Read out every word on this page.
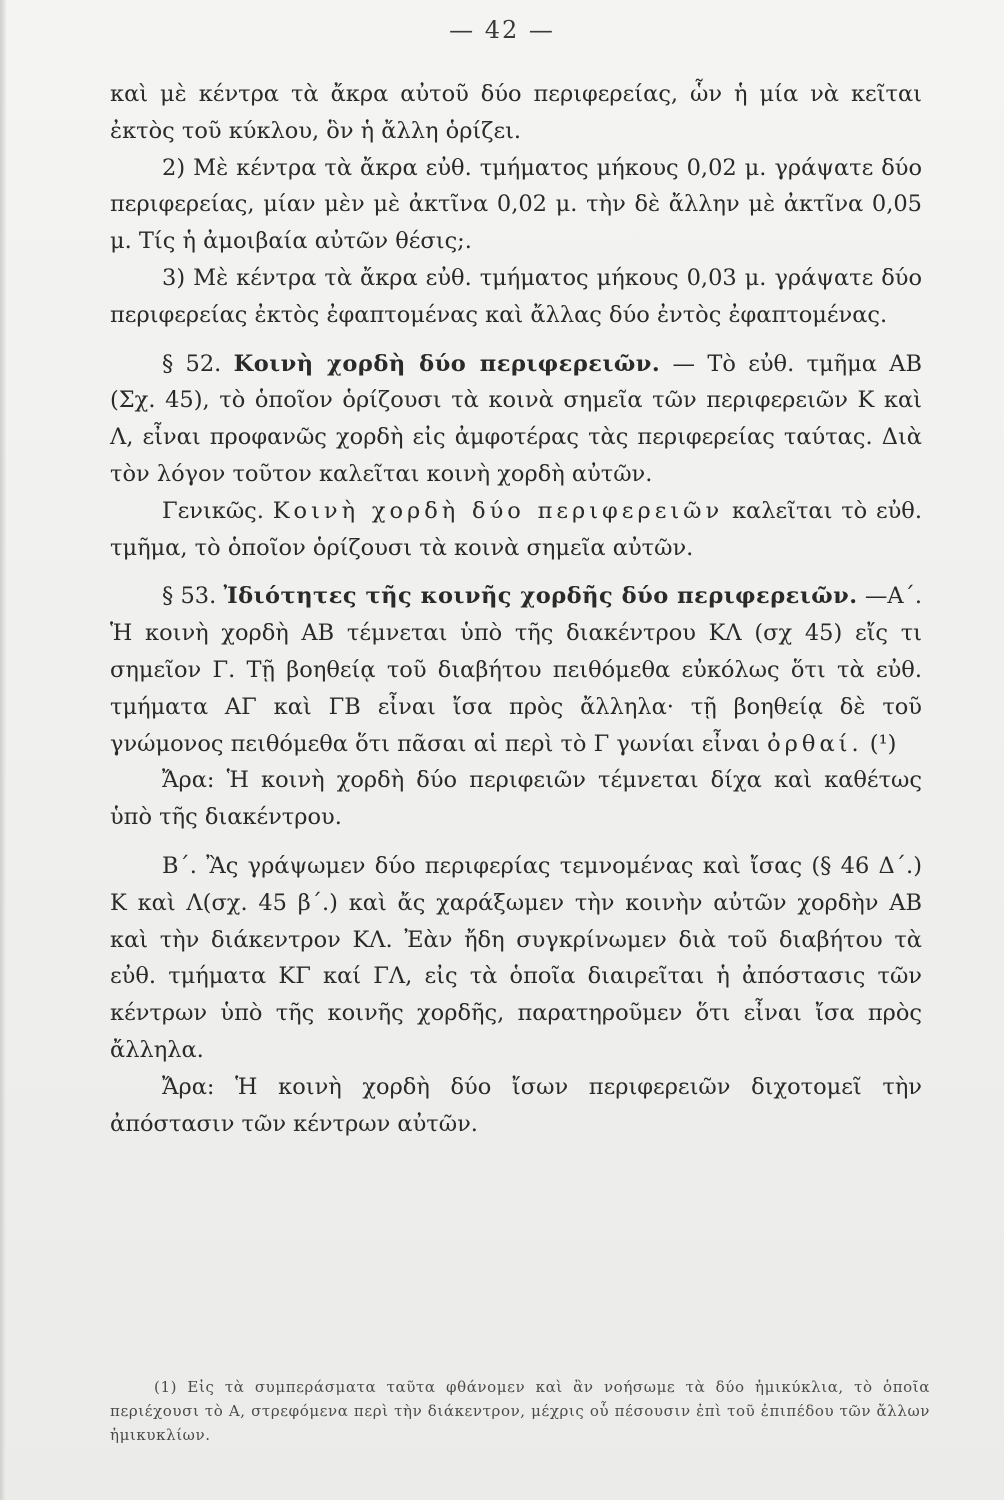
— 42 —

καὶ μὲ κέντρα τὰ ἄκρα αὐτοῦ δύο περιφερείας, ὧν ἡ μία νὰ κεῖται ἐκτὸς τοῦ κύκλου, ὃν ἡ ἄλλη ὁρίζει.

2) Μὲ κέντρα τὰ ἄκρα εὐθ. τμήματος μήκους 0,02 μ. γράψατε δύο περιφερείας, μίαν μὲν μὲ ἀκτῖνα 0,02 μ. τὴν δὲ ἄλλην μὲ ἀκτῖνα 0,05 μ. Τίς ἡ ἀμοιβαία αὐτῶν θέσις;.

3) Μὲ κέντρα τὰ ἄκρα εὐθ. τμήματος μήκους 0,03 μ. γράψατε δύο περιφερείας ἐκτὸς ἐφαπτομένας καὶ ἄλλας δύο ἐντὸς ἐφαπτομένας.

§ 52. Κοινὴ χορδὴ δύο περιφερειῶν. — Τὸ εὐθ. τμῆμα ΑΒ (Σχ. 45), τὸ ὁποῖον ὁρίζουσι τὰ κοινὰ σημεῖα τῶν περιφερειῶν Κ καὶ Λ, εἶναι προφανῶς χορδὴ εἰς ἀμφοτέρας τὰς περιφερείας ταύτας. Διὰ τὸν λόγον τοῦτον καλεῖται κοινὴ χορδὴ αὐτῶν.

Γενικῶς. Κοινὴ χορδὴ δύο περιφερειῶν καλεῖται τὸ εὐθ. τμῆμα, τὸ ὁποῖον ὁρίζουσι τὰ κοινὰ σημεῖα αὐτῶν.

§ 53. Ἰδιότητες τῆς κοινῆς χορδῆς δύο περιφερειῶν. —Α΄. Ἡ κοινὴ χορδὴ ΑΒ τέμνεται ὑπὸ τῆς διακέντρου ΚΛ (σχ 45) εἴς τι σημεῖον Γ. Τῇ βοηθείᾳ τοῦ διαβήτου πειθόμεθα εὐκόλως ὅτι τὰ εὐθ. τμήματα ΑΓ καὶ ΓΒ εἶναι ἴσα πρὸς ἄλληλα· τῇ βοηθείᾳ δὲ τοῦ γνώμονος πειθόμεθα ὅτι πᾶσαι αἱ περὶ τὸ Γ γωνίαι εἶναι ὀρθαί. (¹)

Ἄρα: Ἡ κοινὴ χορδὴ δύο περιφειῶν τέμνεται δίχα καὶ καθέτως ὑπὸ τῆς διακέντρου.

Β΄. Ἂς γράψωμεν δύο περιφερίας τεμνομένας καὶ ἴσας (§ 46 Δ΄.) Κ καὶ Λ(σχ. 45 β΄.) καὶ ἄς χαράξωμεν τὴν κοινὴν αὐτῶν χορδὴν ΑΒ καὶ τὴν διάκεντρον ΚΛ. Ἐὰν ἤδη συγκρίνωμεν διὰ τοῦ διαβήτου τὰ εὐθ. τμήματα ΚΓ καί ΓΛ, εἰς τὰ ὁποῖα διαιρεῖται ἡ ἀπόστασις τῶν κέντρων ὑπὸ τῆς κοινῆς χορδῆς, παρατηροῦμεν ὅτι εἶναι ἴσα πρὸς ἄλληλα.

Ἄρα: Ἡ κοινὴ χορδὴ δύο ἴσων περιφερειῶν διχοτομεῖ τὴν ἀπόστασιν τῶν κέντρων αὐτῶν.

(1) Εἰς τὰ συμπεράσματα ταῦτα φθάνομεν καὶ ἂν νοήσωμε τὰ δύο ἡμικύκλια, τὸ ὁποῖα περιέχουσι τὸ Α, στρεφόμενα περὶ τὴν διάκεντρον, μέχρις οὗ πέσουσιν ἐπὶ τοῦ ἐπιπέδου τῶν ἄλλων ἡμικυκλίων.
